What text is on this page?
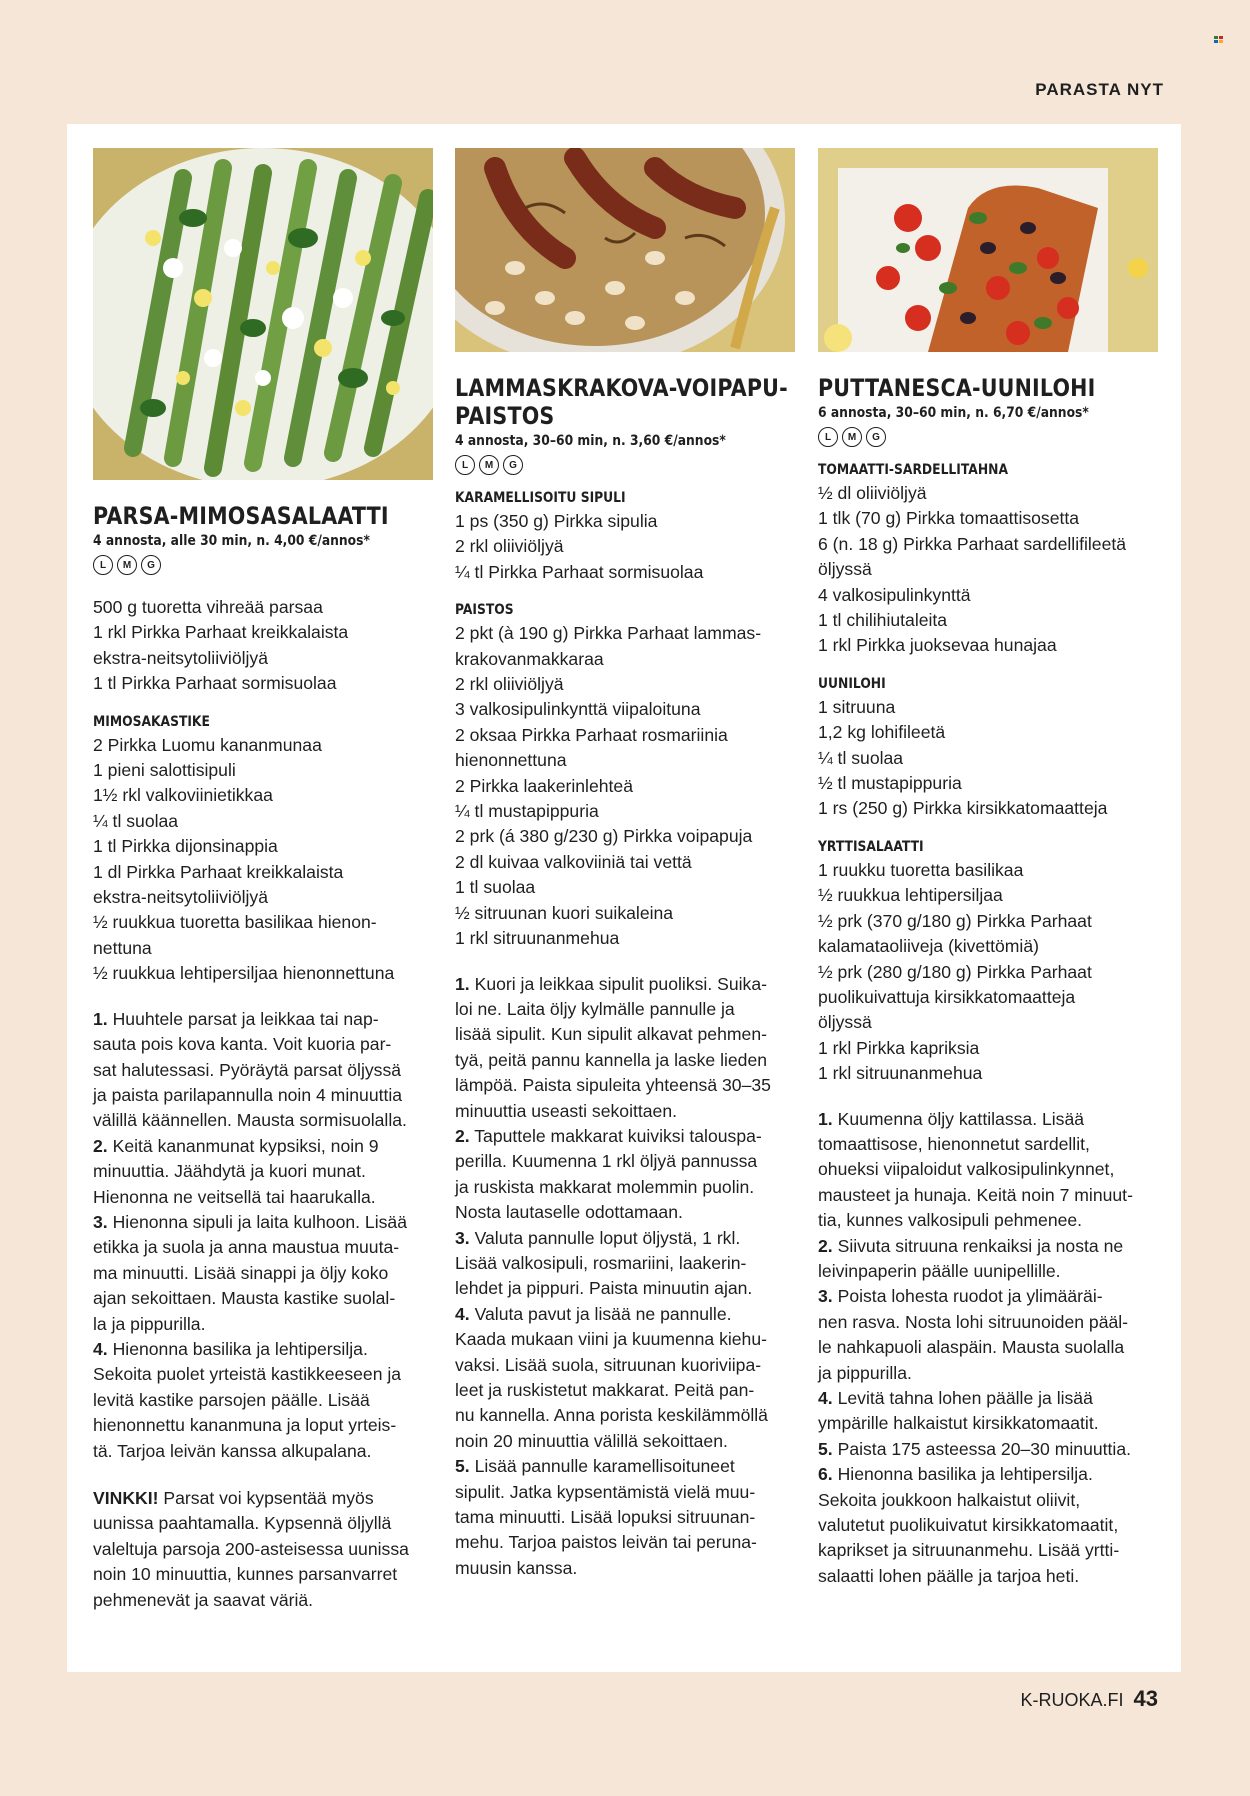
PARASTA NYT
PARSA-MIMOSASALAATTI
4 annosta, alle 30 min, n. 4,00 €/annos*
L	M	G
500 g tuoretta vihreää parsaa
1 rkl Pirkka Parhaat kreikkalaista
ekstra-neitsytoliiviöljyä
1 tl Pirkka Parhaat sormisuolaa
MIMOSAKASTIKE
2 Pirkka Luomu kananmunaa
1 pieni salottisipuli
1½ rkl valkoviinietikkaa
¼ tl suolaa
1 tl Pirkka dijonsinappia
1 dl Pirkka Parhaat kreikkalaista
ekstra-neitsytoliiviöljyä
½ ruukkua tuoretta basilikaa hienon-
nettuna
½ ruukkua lehtipersiljaa hienonnettuna

1. Huuhtele parsat ja leikkaa tai nap-

sauta pois kova kanta. Voit kuoria par-

sat halutessasi. Pyöräytä parsat öljyssä

ja paista parilapannulla noin 4 minuuttia

välillä käännellen. Mausta sormisuolalla.

2. Keitä kananmunat kypsiksi, noin 9

minuuttia. Jäähdytä ja kuori munat.

Hienonna ne veitsellä tai haarukalla.

3. Hienonna sipuli ja laita kulhoon. Lisää

etikka ja suola ja anna maustua muuta-

ma minuutti. Lisää sinappi ja öljy koko

ajan sekoittaen. Mausta kastike suolal-

la ja pippurilla.

4. Hienonna basilika ja lehtipersilja.

Sekoita puolet yrteistä kastikkeeseen ja

levitä kastike parsojen päälle. Lisää

hienonnettu kananmuna ja loput yrteis-

tä. Tarjoa leivän kanssa alkupalana.

VINKKI! Parsat voi kypsentää myös
uunissa paahtamalla. Kypsennä öljyllä
valeltuja parsoja 200-asteisessa uunissa
noin 10 minuuttia, kunnes parsanvarret
pehmenevät ja saavat väriä.
LAMMASKRAKOVA-VOIPAPU-
PAISTOS
4 annosta, 30–60 min, n. 3,60 €/annos*
L	M	G
KARAMELLISOITU SIPULI
1 ps (350 g) Pirkka sipulia
2 rkl oliiviöljyä
¼ tl Pirkka Parhaat sormisuolaa
PAISTOS
2 pkt (à 190 g) Pirkka Parhaat lammas-
krakovanmakkaraa
2 rkl oliiviöljyä
3 valkosipulinkynttä viipaloituna
2 oksaa Pirkka Parhaat rosmariinia
hienonnettuna
2 Pirkka laakerinlehteä
¼ tl mustapippuria
2 prk (á 380 g/230 g) Pirkka voipapuja
2 dl kuivaa valkoviiniä tai vettä
1 tl suolaa
½ sitruunan kuori suikaleina
1 rkl sitruunanmehua

1. Kuori ja leikkaa sipulit puoliksi. Suika-

loi ne. Laita öljy kylmälle pannulle ja

lisää sipulit. Kun sipulit alkavat pehmen-

tyä, peitä pannu kannella ja laske lieden

lämpöä. Paista sipuleita yhteensä 30–35

minuuttia useasti sekoittaen.

2. Taputtele makkarat kuiviksi talouspa-

perilla. Kuumenna 1 rkl öljyä pannussa

ja ruskista makkarat molemmin puolin.

Nosta lautaselle odottamaan.

3. Valuta pannulle loput öljystä, 1 rkl.

Lisää valkosipuli, rosmariini, laakerin-

lehdet ja pippuri. Paista minuutin ajan.

4. Valuta pavut ja lisää ne pannulle.

Kaada mukaan viini ja kuumenna kiehu-

vaksi. Lisää suola, sitruunan kuoriviipa-

leet ja ruskistetut makkarat. Peitä pan-

nu kannella. Anna porista keskilämmöllä

noin 20 minuuttia välillä sekoittaen.

5. Lisää pannulle karamellisoituneet

sipulit. Jatka kypsentämistä vielä muu-

tama minuutti. Lisää lopuksi sitruunan-

mehu. Tarjoa paistos leivän tai peruna-

muusin kanssa.

PUTTANESCA-UUNILOHI
6 annosta, 30–60 min, n. 6,70 €/annos*
L	M	G
TOMAATTI-SARDELLITAHNA
½ dl oliiviöljyä
1 tlk (70 g) Pirkka tomaattisosetta
6 (n. 18 g) Pirkka Parhaat sardellifileetä
öljyssä
4 valkosipulinkynttä
1 tl chilihiutaleita
1 rkl Pirkka juoksevaa hunajaa
UUNILOHI
1 sitruuna
1,2 kg lohifileetä
¼ tl suolaa
½ tl mustapippuria
1 rs (250 g) Pirkka kirsikkatomaatteja
YRTTISALAATTI
1 ruukku tuoretta basilikaa
½ ruukkua lehtipersiljaa
½ prk (370 g/180 g) Pirkka Parhaat
kalamataoliiveja (kivettömiä)
½ prk (280 g/180 g) Pirkka Parhaat
puolikuivattuja kirsikkatomaatteja
öljyssä
1 rkl Pirkka kapriksia
1 rkl sitruunanmehua

1. Kuumenna öljy kattilassa. Lisää

tomaattisose, hienonnetut sardellit,

ohueksi viipaloidut valkosipulinkynnet,

mausteet ja hunaja. Keitä noin 7 minuut-

tia, kunnes valkosipuli pehmenee.

2. Siivuta sitruuna renkaiksi ja nosta ne

leivinpaperin päälle uunipellille.

3. Poista lohesta ruodot ja ylimääräi-

nen rasva. Nosta lohi sitruunoiden pääl-

le nahkapuoli alaspäin. Mausta suolalla

ja pippurilla.

4. Levitä tahna lohen päälle ja lisää

ympärille halkaistut kirsikkatomaatit.

5. Paista 175 asteessa 20–30 minuuttia.

6. Hienonna basilika ja lehtipersilja.

Sekoita joukkoon halkaistut oliivit,

valutetut puolikuivatut kirsikkatomaatit,

kaprikset ja sitruunanmehu. Lisää yrtti-

salaatti lohen päälle ja tarjoa heti.

K-RUOKA.FI 43
